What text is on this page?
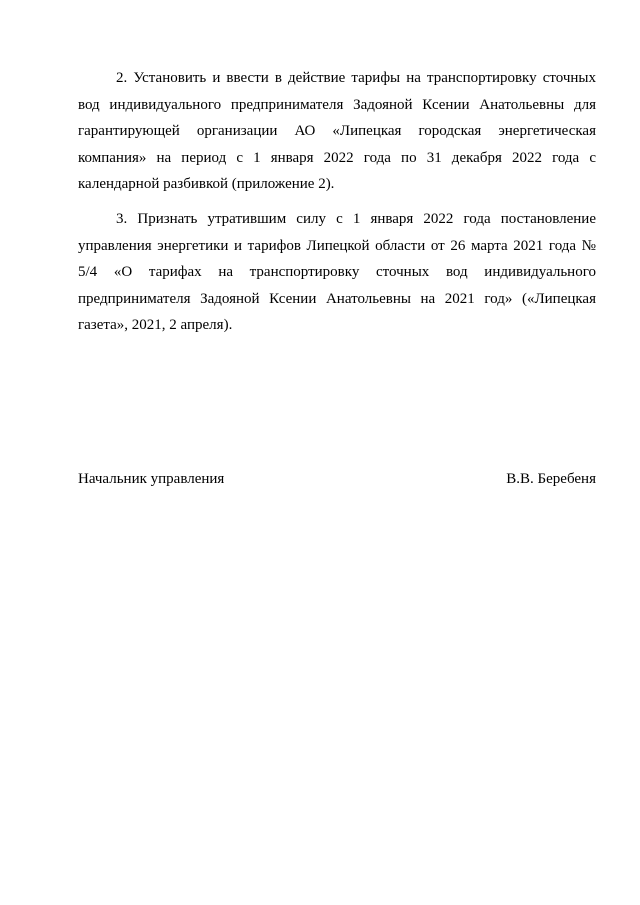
2. Установить и ввести в действие тарифы на транспортировку сточных вод индивидуального предпринимателя Задояной Ксении Анатольевны для гарантирующей организации АО «Липецкая городская энергетическая компания» на период с 1 января 2022 года по 31 декабря 2022 года с календарной разбивкой (приложение 2).

3. Признать утратившим силу с 1 января 2022 года постановление управления энергетики и тарифов Липецкой области от 26 марта 2021 года № 5/4 «О тарифах на транспортировку сточных вод индивидуального предпринимателя Задояной Ксении Анатольевны на 2021 год» («Липецкая газета», 2021, 2 апреля).

Начальник управления	В.В. Беребеня
